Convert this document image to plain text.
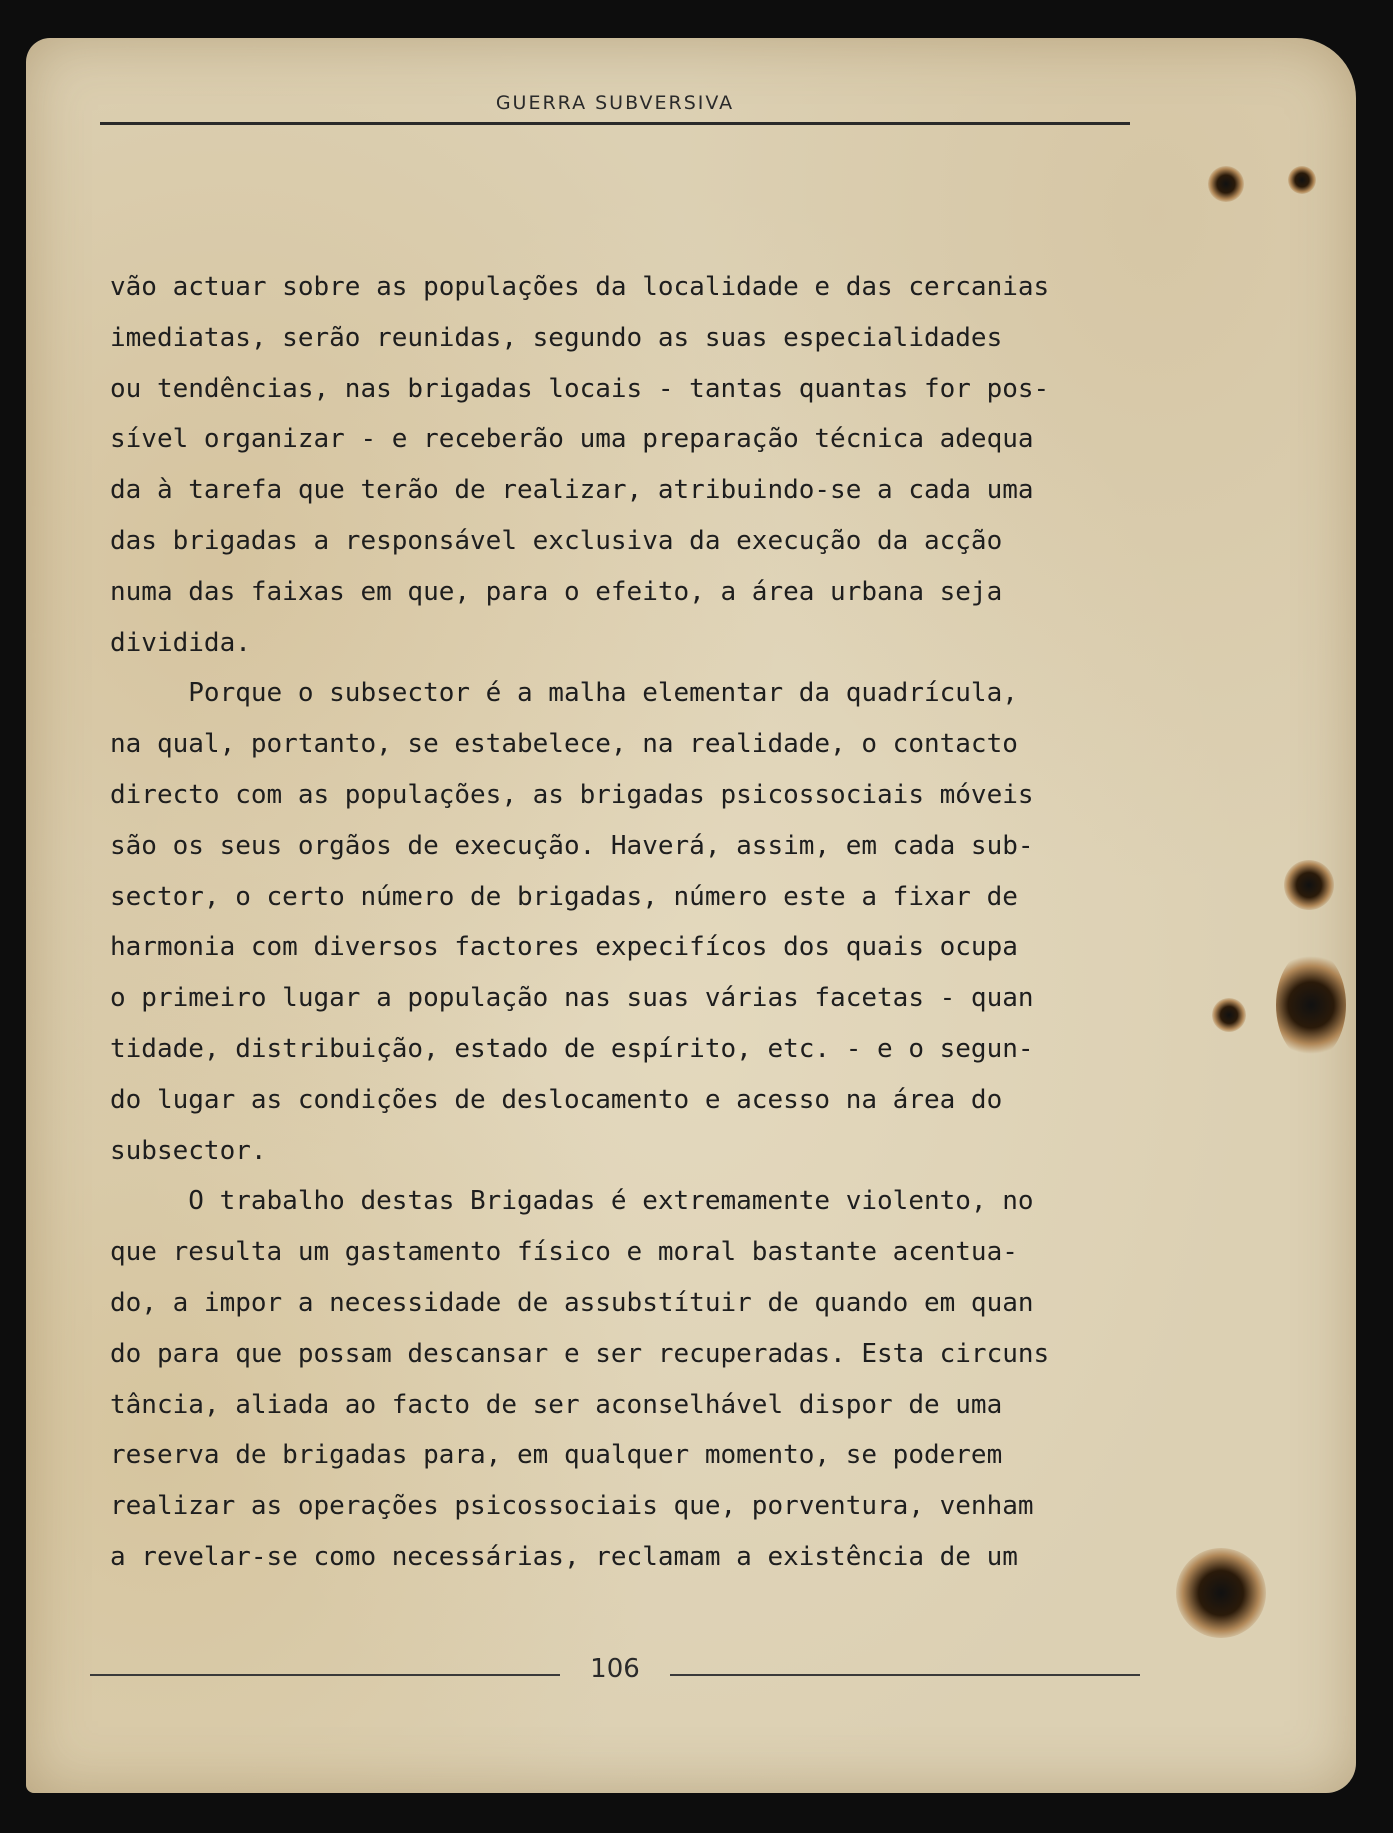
GUERRA SUBVERSIVA
vão actuar sobre as populações da localidade e das cercanias
imediatas, serão reunidas, segundo as suas especialidades
ou tendências, nas brigadas locais - tantas quantas for pos-
sível organizar - e receberão uma preparação técnica adequa
da à tarefa que terão de realizar, atribuindo-se a cada uma
das brigadas a responsável exclusiva da execução da acção
numa das faixas em que, para o efeito, a área urbana seja
dividida.
Porque o subsector é a malha elementar da quadrícula,
na qual, portanto, se estabelece, na realidade, o contacto
directo com as populações, as brigadas psicossociais móveis
são os seus orgãos de execução. Haverá, assim, em cada sub-
sector, o certo número de brigadas, número este a fixar de
harmonia com diversos factores expecifícos dos quais ocupa
o primeiro lugar a população nas suas várias facetas - quan
tidade, distribuição, estado de espírito, etc. - e o segun-
do lugar as condições de deslocamento e acesso na área do
subsector.
O trabalho destas Brigadas é extremamente violento, no
que resulta um gastamento físico e moral bastante acentua-
do, a impor a necessidade de assubstítuir de quando em quan
do para que possam descansar e ser recuperadas. Esta circuns
tância, aliada ao facto de ser aconselhável dispor de uma
reserva de brigadas para, em qualquer momento, se poderem
realizar as operações psicossociais que, porventura, venham
a revelar-se como necessárias, reclamam a existência de um
106
